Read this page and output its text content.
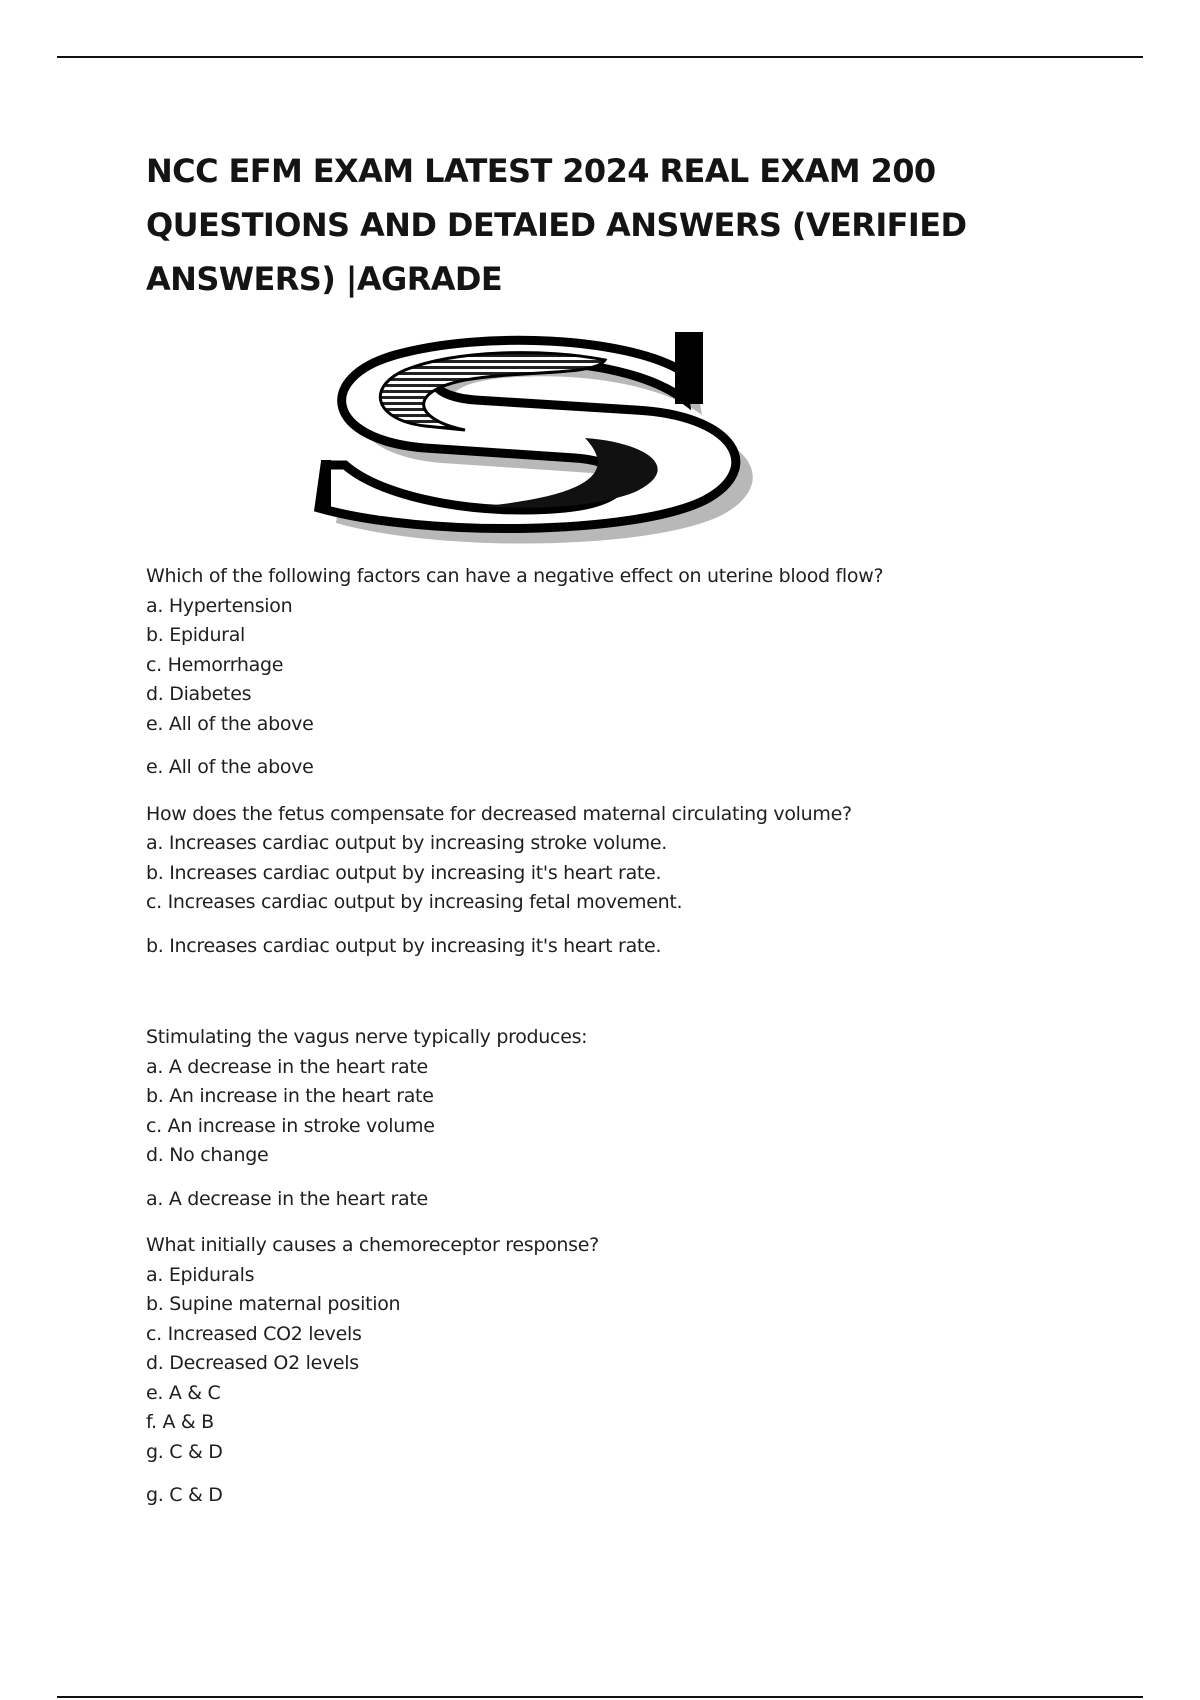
NCC EFM EXAM LATEST 2024 REAL EXAM 200 QUESTIONS AND DETAIED ANSWERS (VERIFIED ANSWERS) |AGRADE
Which of the following factors can have a negative effect on uterine blood flow?
a. Hypertension
b. Epidural
c. Hemorrhage
d. Diabetes
e. All of the above
e. All of the above
How does the fetus compensate for decreased maternal circulating volume?
a. Increases cardiac output by increasing stroke volume.
b. Increases cardiac output by increasing it's heart rate.
c. Increases cardiac output by increasing fetal movement.
b. Increases cardiac output by increasing it's heart rate.
Stimulating the vagus nerve typically produces:
a. A decrease in the heart rate
b. An increase in the heart rate
c. An increase in stroke volume
d. No change
a. A decrease in the heart rate
What initially causes a chemoreceptor response?
a. Epidurals
b. Supine maternal position
c. Increased CO2 levels
d. Decreased O2 levels
e. A & C
f. A & B
g. C & D
g. C & D
